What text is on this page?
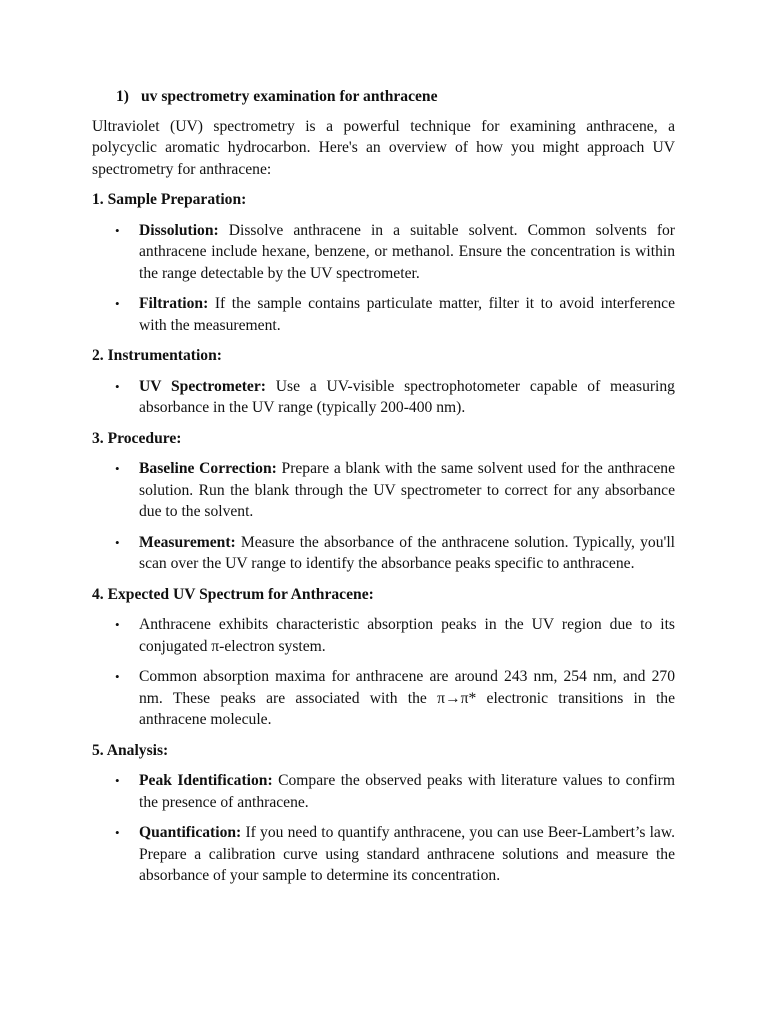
1) uv spectrometry examination for anthracene

Ultraviolet (UV) spectrometry is a powerful technique for examining anthracene, a polycyclic aromatic hydrocarbon. Here's an overview of how you might approach UV spectrometry for anthracene:

1. Sample Preparation:
• Dissolution: Dissolve anthracene in a suitable solvent. Common solvents for anthracene include hexane, benzene, or methanol. Ensure the concentration is within the range detectable by the UV spectrometer.
• Filtration: If the sample contains particulate matter, filter it to avoid interference with the measurement.
2. Instrumentation:
• UV Spectrometer: Use a UV-visible spectrophotometer capable of measuring absorbance in the UV range (typically 200-400 nm).
3. Procedure:
• Baseline Correction: Prepare a blank with the same solvent used for the anthracene solution. Run the blank through the UV spectrometer to correct for any absorbance due to the solvent.
• Measurement: Measure the absorbance of the anthracene solution. Typically, you'll scan over the UV range to identify the absorbance peaks specific to anthracene.
4. Expected UV Spectrum for Anthracene:
• Anthracene exhibits characteristic absorption peaks in the UV region due to its conjugated π-electron system.
• Common absorption maxima for anthracene are around 243 nm, 254 nm, and 270 nm. These peaks are associated with the π→π* electronic transitions in the anthracene molecule.
5. Analysis:
• Peak Identification: Compare the observed peaks with literature values to confirm the presence of anthracene.
• Quantification: If you need to quantify anthracene, you can use Beer-Lambert’s law. Prepare a calibration curve using standard anthracene solutions and measure the absorbance of your sample to determine its concentration.
